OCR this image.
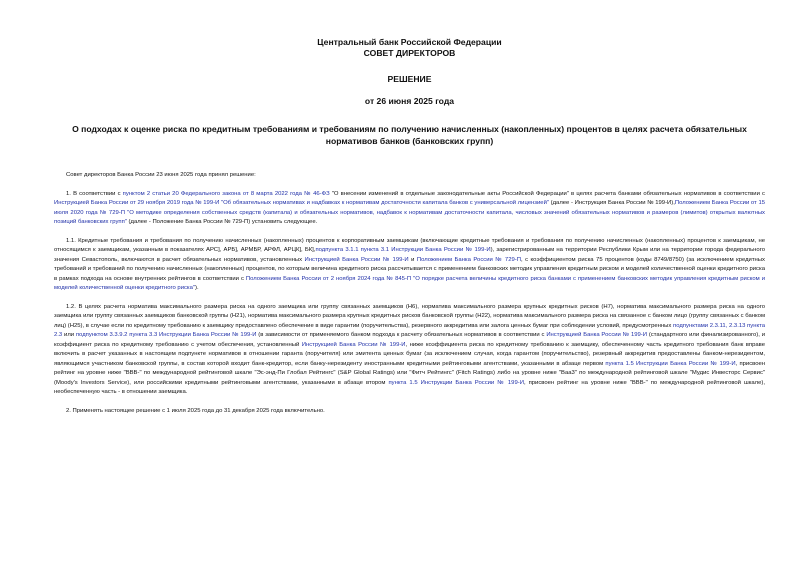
Центральный банк Российской Федерации
СОВЕТ ДИРЕКТОРОВ
РЕШЕНИЕ
от 26 июня 2025 года
О подходах к оценке риска по кредитным требованиям и требованиям по получению начисленных (накопленных) процентов в целях расчета обязательных нормативов банков (банковских групп)

Совет директоров Банка России 23 июня 2025 года принял решение:

1. В соответствии с пунктом 2 статьи 20 Федерального закона от 8 марта 2022 года № 46-ФЗ "О внесении изменений в отдельные законодательные акты Российской Федерации" в целях расчета банками обязательных нормативов в соответствии с Инструкцией Банка России от 29 ноября 2019 года № 199-И "Об обязательных нормативах и надбавках к нормативам достаточности капитала банков с универсальной лицензией" (далее - Инструкция Банка России № 199-И),Положением Банка России от 15 июля 2020 года № 729-П "О методике определения собственных средств (капитала) и обязательных нормативов, надбавок к нормативам достаточности капитала, числовых значений обязательных нормативов и размеров (лимитов) открытых валютных позиций банковских групп" (далее - Положение Банка России № 729-П) установить следующее.

1.1. Кредитные требования и требования по получению начисленных (накопленных) процентов к корпоративным заемщикам (включающие кредитные требования и требования по получению начисленных (накопленных) процентов к заемщикам, не относящимся к заемщикам, указанным в показателях АРС], АРБ], АРМБР, АРФЛ, АРЦК], БК],подпункта 3.1.1 пункта 3.1 Инструкции Банка России № 199-И), зарегистрированным на территории Республики Крым или на территории города федерального значения Севастополь, включаются в расчет обязательных нормативов, установленных Инструкцией Банка России № 199-И и Положением Банка России № 729-П, с коэффициентом риска 75 процентов (коды 8749/8750) (за исключением кредитных требований и требований по получению начисленных (накопленных) процентов, по которым величина кредитного риска рассчитывается с применением банковских методик управления кредитным риском и моделей количественной оценки кредитного риска в рамках подхода на основе внутренних рейтингов в соответствии с Положением Банка России от 2 ноября 2024 года № 845-П "О порядке расчета величины кредитного риска банками с применением банковских методик управления кредитным риском и моделей количественной оценки кредитного риска").

1.2. В целях расчета норматива максимального размера риска на одного заемщика или группу связанных заемщиков (Н6), норматива максимального размера крупных кредитных рисков (Н7), норматива максимального размера риска на одного заемщика или группу связанных заемщиков банковской группы (Н21), норматива максимального размера крупных кредитных рисков банковской группы (Н22), норматива максимального размера риска на связанное с банком лицо (группу связанных с банком лиц) (Н25), в случае если по кредитному требованию к заемщику предоставлено обеспечение в виде гарантии (поручительства), резервного аккредитива или залога ценных бумаг при соблюдении условий, предусмотренных подпунктами 2.3.11, 2.3.13 пункта 2.3 или подпунктом 3.3.9.2 пункта 3.3 Инструкции Банка России № 199-И (в зависимости от применяемого банком подхода к расчету обязательных нормативов в соответствии с Инструкцией Банка России № 199-И (стандартного или финализированного), и коэффициент риска по кредитному требованию с учетом обеспечения, установленный Инструкцией Банка России № 199-И, ниже коэффициента риска по кредитному требованию к заемщику, обеспеченному часть кредитного требования банк вправе включить в расчет указанных в настоящем подпункте нормативов в отношении гаранта (поручителя) или эмитента ценных бумаг (за исключением случая, когда гарантом (поручительство), резервный аккредитив предоставлены банком-нерезидентом, являющимся участником банковской группы, в состав которой входит банк-кредитор, если банку-нерезиденту иностранными кредитными рейтинговыми агентствами, указанными в абзаце первом пункта 1.5 Инструкции Банка России № 199-И, присвоен рейтинг на уровне ниже "BBB-" по международной рейтинговой шкале "Эс-энд-Пи Глобал Рейтингс" (S&P Global Ratings) или "Фитч Рейтингс" (Fitch Ratings) либо на уровне ниже "Baa3" по международной рейтинговой шкале "Мудис Инвесторс Сервис" (Moody's Investors Service), или российскими кредитными рейтинговыми агентствами, указанными в абзаце втором пункта 1.5 Инструкции Банка России № 199-И, присвоен рейтинг на уровне ниже "BBB-" по международной рейтинговой шкале), необеспеченную часть - в отношении заемщика.

2. Применять настоящее решение с 1 июля 2025 года до 31 декабря 2025 года включительно.
